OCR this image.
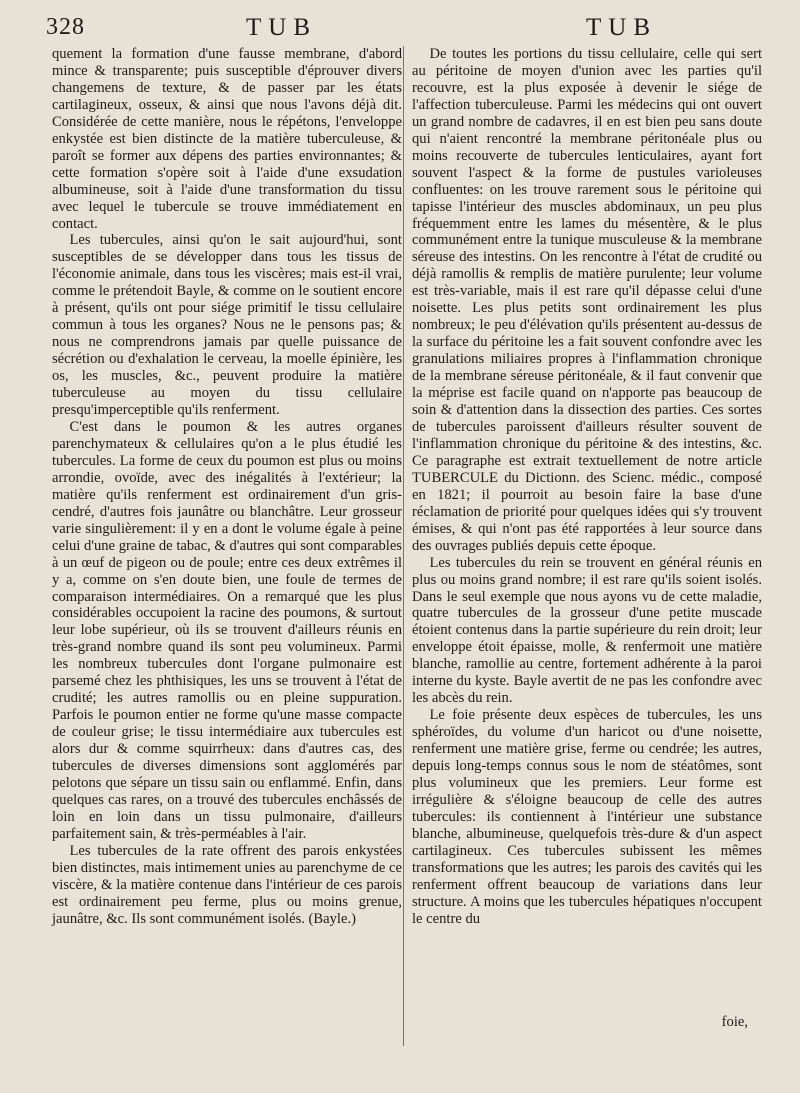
328	TUB	TUB

quement la formation d'une fausse membrane, d'abord mince & transparente; puis susceptible d'éprouver divers changemens de texture, & de passer par les états cartilagineux, osseux, & ainsi que nous l'avons déjà dit. Considérée de cette manière, nous le répétons, l'enveloppe enkystée est bien distincte de la matière tuberculeuse, & paroît se former aux dépens des parties environnantes; & cette formation s'opère soit à l'aide d'une exsudation albumineuse, soit à l'aide d'une transformation du tissu avec lequel le tubercule se trouve immédiatement en contact.

Les tubercules, ainsi qu'on le sait aujourd'hui, sont susceptibles de se développer dans tous les tissus de l'économie animale, dans tous les viscères; mais est-il vrai, comme le prétendoit Bayle, & comme on le soutient encore à présent, qu'ils ont pour siége primitif le tissu cellulaire commun à tous les organes? Nous ne le pensons pas; & nous ne comprendrons jamais par quelle puissance de sécrétion ou d'exhalation le cerveau, la moelle épinière, les os, les muscles, &c., peuvent produire la matière tuberculeuse au moyen du tissu cellulaire presqu'imperceptible qu'ils renferment.

C'est dans le poumon & les autres organes parenchymateux & cellulaires qu'on a le plus étudié les tubercules. La forme de ceux du poumon est plus ou moins arrondie, ovoïde, avec des inégalités à l'extérieur; la matière qu'ils renferment est ordinairement d'un gris-cendré, d'autres fois jaunâtre ou blanchâtre. Leur grosseur varie singulièrement: il y en a dont le volume égale à peine celui d'une graine de tabac, & d'autres qui sont comparables à un œuf de pigeon ou de poule; entre ces deux extrêmes il y a, comme on s'en doute bien, une foule de termes de comparaison intermédiaires. On a remarqué que les plus considérables occupoient la racine des poumons, & surtout leur lobe supérieur, où ils se trouvent d'ailleurs réunis en très-grand nombre quand ils sont peu volumineux. Parmi les nombreux tubercules dont l'organe pulmonaire est parsemé chez les phthisiques, les uns se trouvent à l'état de crudité; les autres ramollis ou en pleine suppuration. Parfois le poumon entier ne forme qu'une masse compacte de couleur grise; le tissu intermédiaire aux tubercules est alors dur & comme squirrheux: dans d'autres cas, des tubercules de diverses dimensions sont agglomérés par pelotons que sépare un tissu sain ou enflammé. Enfin, dans quelques cas rares, on a trouvé des tubercules enchâssés de loin en loin dans un tissu pulmonaire, d'ailleurs parfaitement sain, & très-perméables à l'air.

Les tubercules de la rate offrent des parois enkystées bien distinctes, mais intimement unies au parenchyme de ce viscère, & la matière contenue dans l'intérieur de ces parois est ordinairement peu ferme, plus ou moins grenue, jaunâtre, &c. Ils sont communément isolés. (Bayle.)

De toutes les portions du tissu cellulaire, celle qui sert au péritoine de moyen d'union avec les parties qu'il recouvre, est la plus exposée à devenir le siége de l'affection tuberculeuse. Parmi les médecins qui ont ouvert un grand nombre de cadavres, il en est bien peu sans doute qui n'aient rencontré la membrane péritonéale plus ou moins recouverte de tubercules lenticulaires, ayant fort souvent l'aspect & la forme de pustules varioleuses confluentes: on les trouve rarement sous le péritoine qui tapisse l'intérieur des muscles abdominaux, un peu plus fréquemment entre les lames du mésentère, & le plus communément entre la tunique musculeuse & la membrane séreuse des intestins. On les rencontre à l'état de crudité ou déjà ramollis & remplis de matière purulente; leur volume est très-variable, mais il est rare qu'il dépasse celui d'une noisette. Les plus petits sont ordinairement les plus nombreux; le peu d'élévation qu'ils présentent au-dessus de la surface du péritoine les a fait souvent confondre avec les granulations miliaires propres à l'inflammation chronique de la membrane séreuse péritonéale, & il faut convenir que la méprise est facile quand on n'apporte pas beaucoup de soin & d'attention dans la dissection des parties. Ces sortes de tubercules paroissent d'ailleurs résulter souvent de l'inflammation chronique du péritoine & des intestins, &c. Ce paragraphe est extrait textuellement de notre article TUBERCULE du Dictionn. des Scienc. médic., composé en 1821; il pourroit au besoin faire la base d'une réclamation de priorité pour quelques idées qui s'y trouvent émises, & qui n'ont pas été rapportées à leur source dans des ouvrages publiés depuis cette époque.

Les tubercules du rein se trouvent en général réunis en plus ou moins grand nombre; il est rare qu'ils soient isolés. Dans le seul exemple que nous ayons vu de cette maladie, quatre tubercules de la grosseur d'une petite muscade étoient contenus dans la partie supérieure du rein droit; leur enveloppe étoit épaisse, molle, & renfermoit une matière blanche, ramollie au centre, fortement adhérente à la paroi interne du kyste. Bayle avertit de ne pas les confondre avec les abcès du rein.

Le foie présente deux espèces de tubercules, les uns sphéroïdes, du volume d'un haricot ou d'une noisette, renferment une matière grise, ferme ou cendrée; les autres, depuis long-temps connus sous le nom de stéatômes, sont plus volumineux que les premiers. Leur forme est irrégulière & s'éloigne beaucoup de celle des autres tubercules: ils contiennent à l'intérieur une substance blanche, albumineuse, quelquefois très-dure & d'un aspect cartilagineux. Ces tubercules subissent les mêmes transformations que les autres; les parois des cavités qui les renferment offrent beaucoup de variations dans leur structure. A moins que les tubercules hépatiques n'occupent le centre du

foie,
